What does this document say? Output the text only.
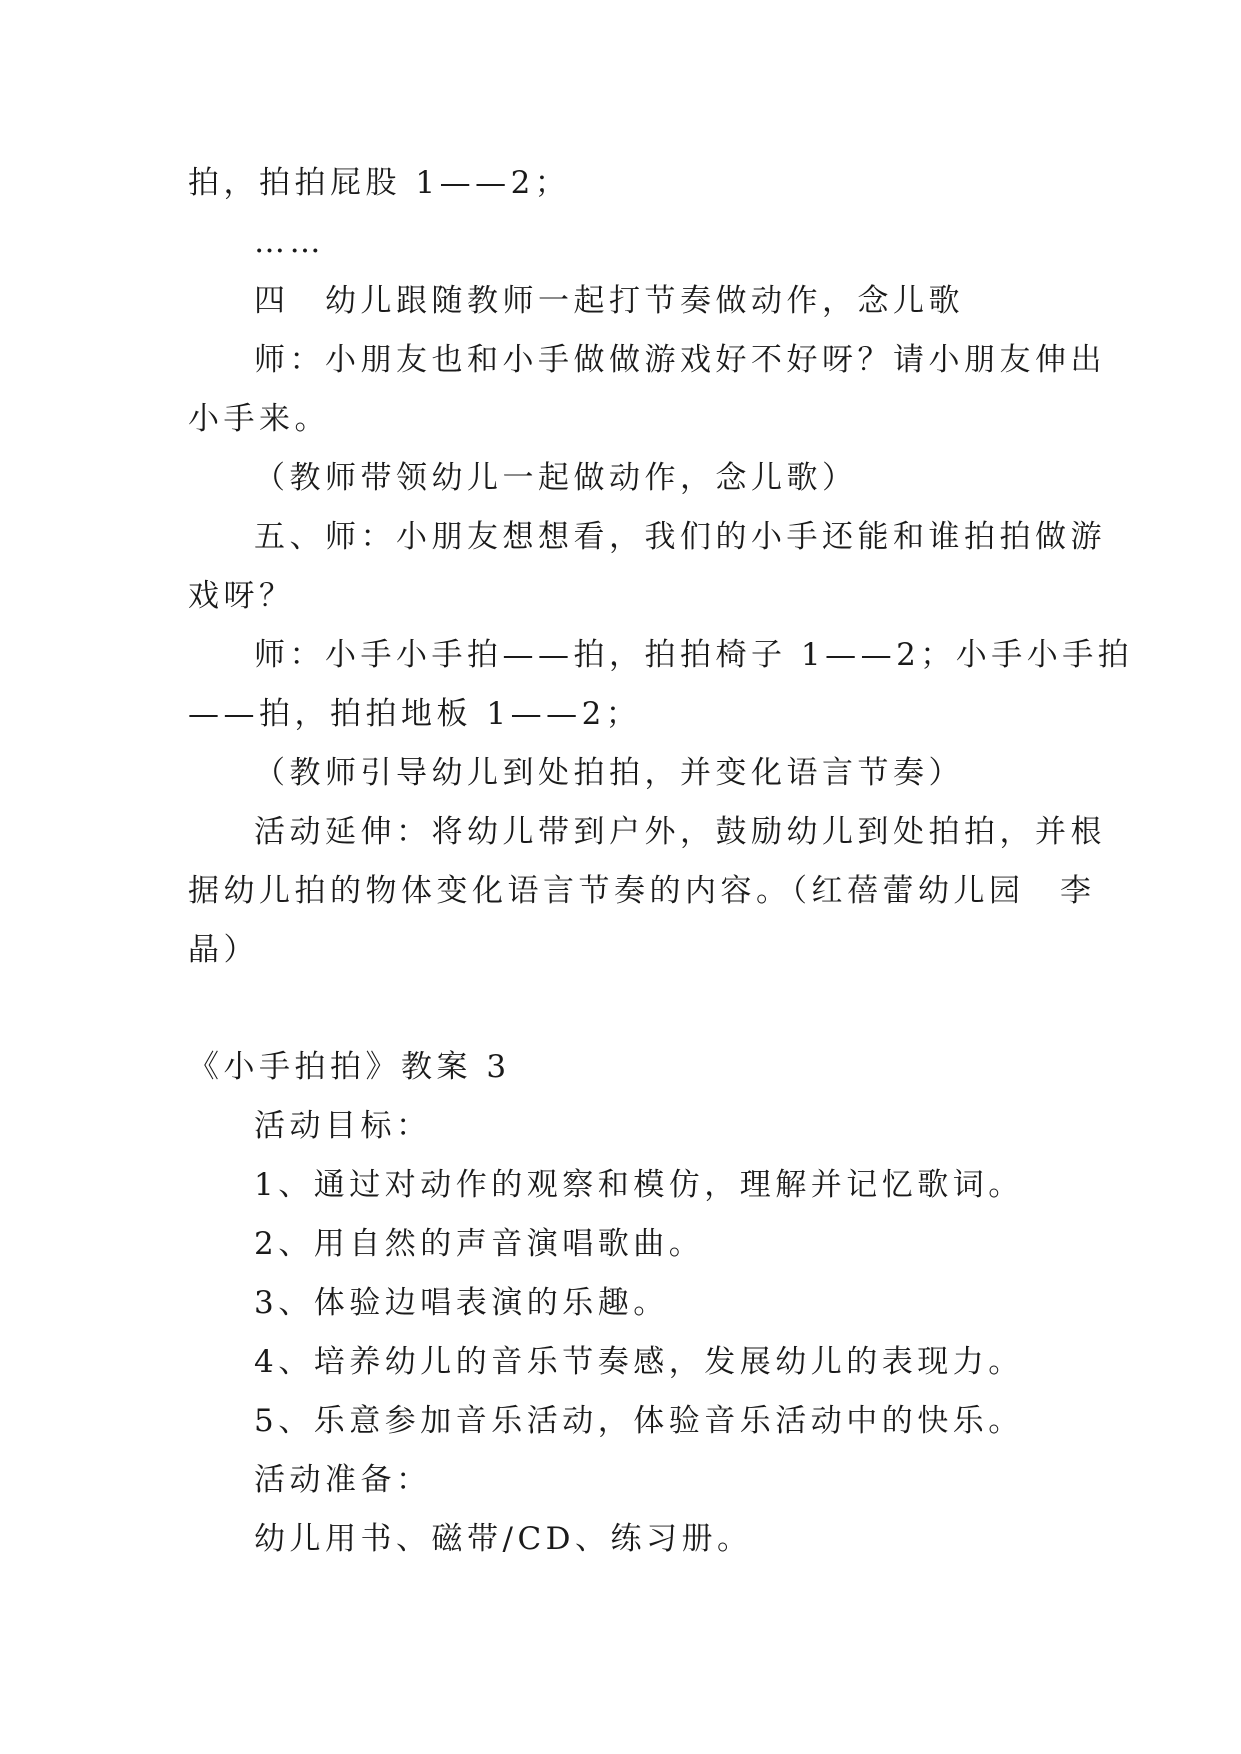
拍，拍拍屁股 1——2；
……
四　幼儿跟随教师一起打节奏做动作，念儿歌
师：小朋友也和小手做做游戏好不好呀？请小朋友伸出
小手来。
（教师带领幼儿一起做动作，念儿歌）
五、师：小朋友想想看，我们的小手还能和谁拍拍做游
戏呀？
师：小手小手拍——拍，拍拍椅子 1——2；小手小手拍
——拍，拍拍地板 1——2；
（教师引导幼儿到处拍拍，并变化语言节奏）
活动延伸：将幼儿带到户外，鼓励幼儿到处拍拍，并根
据幼儿拍的物体变化语言节奏的内容。（红蓓蕾幼儿园　李
晶）
《小手拍拍》教案 3
活动目标：
1、通过对动作的观察和模仿，理解并记忆歌词。
2、用自然的声音演唱歌曲。
3、体验边唱表演的乐趣。
4、培养幼儿的音乐节奏感，发展幼儿的表现力。
5、乐意参加音乐活动，体验音乐活动中的快乐。
活动准备：
幼儿用书、磁带/CD、练习册。
